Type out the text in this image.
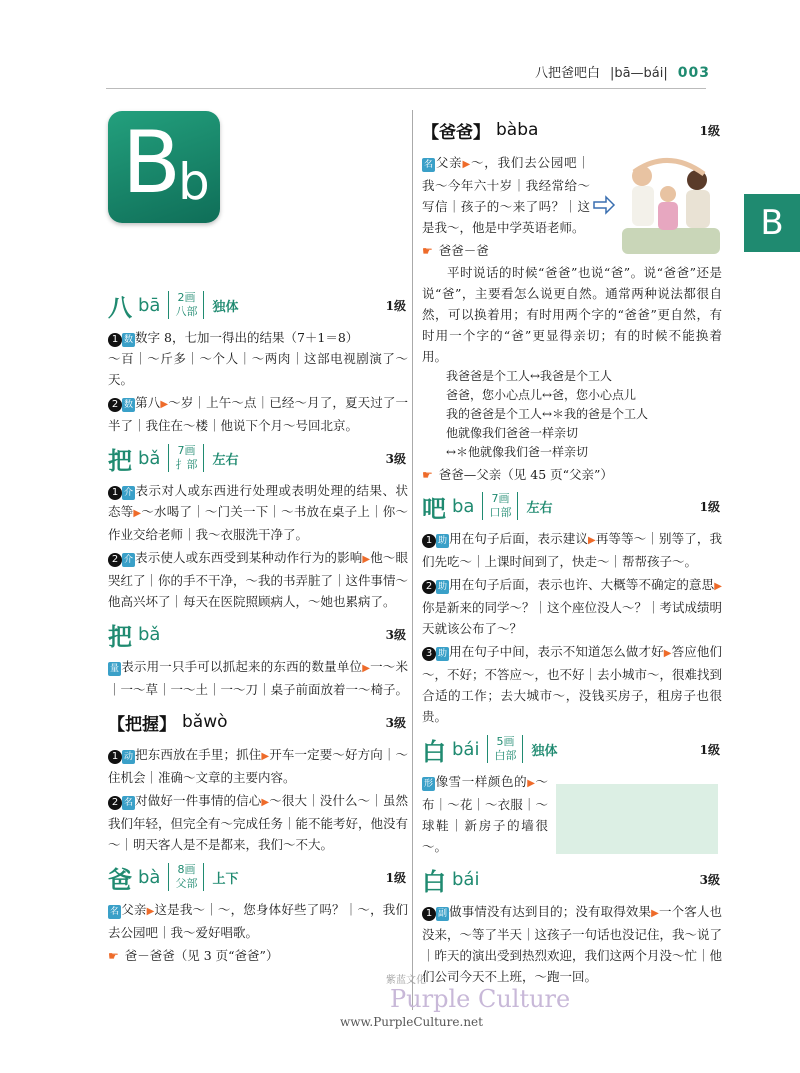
八把爸吧白 |bā—bái| 003
B
b
B
八 bā	2画
八部	独体	1级

1 数 数字 8，七加一得出的结果（7＋1＝8）
～百｜～斤多｜～个人｜～两肉｜这部电视剧演了～天。

2 数 第八▶～岁｜上午～点｜已经～月了，夏天过了一半了｜我住在～楼｜他说下个月～号回北京。

把 bǎ	7画
扌部	左右	3级

1 介 表示对人或东西进行处理或表明处理的结果、状态等▶～水喝了｜～门关一下｜～书放在桌子上｜你～作业交给老师｜我～衣服洗干净了。

2 介 表示使人或东西受到某种动作行为的影响▶他～眼哭红了｜你的手不干净，～我的书弄脏了｜这件事情～他高兴坏了｜每天在医院照顾病人，～她也累病了。

把 bǎ	3级

量 表示用一只手可以抓起来的东西的数量单位▶一～米｜一～草｜一～土｜一～刀｜桌子前面放着一～椅子。

【把握】 bǎwò	3级

1 动 把东西放在手里；抓住▶开车一定要～好方向｜～住机会｜准确～文章的主要内容。

2 名 对做好一件事情的信心▶～很大｜没什么～｜虽然我们年轻，但完全有～完成任务｜能不能考好，他没有～｜明天客人是不是都来，我们～不大。

爸 bà	8画
父部	上下	1级

名 父亲▶这是我～｜～，您身体好些了吗？｜～，我们去公园吧｜我～爱好唱歌。

☛ 爸－爸爸（见 3 页“爸爸”）

【爸爸】 bàba	1级

名 父亲▶～，我们去公园吧｜我～今年六十岁｜我经常给～写信｜孩子的～来了吗？｜这是我～，他是中学英语老师。

☛ 爸爸－爸

平时说话的时候“爸爸”也说“爸”。说“爸爸”还是说“爸”，主要看怎么说更自然。通常两种说法都很自然，可以换着用；有时用两个字的“爸爸”更自然，有时用一个字的“爸”更显得亲切；有的时候不能换着用。

我爸爸是个工人↔我爸是个工人

爸爸，您小心点儿↔爸，您小心点儿

我的爸爸是个工人↔＊我的爸是个工人

他就像我们爸爸一样亲切

↔＊他就像我们爸一样亲切

☛ 爸爸—父亲（见 45 页“父亲”）

吧 ba	7画
口部	左右	1级

1 助 用在句子后面，表示建议▶再等等～｜别等了，我们先吃～｜上课时间到了，快走～｜帮帮孩子～。

2 助 用在句子后面，表示也许、大概等不确定的意思▶你是新来的同学～？｜这个座位没人～？｜考试成绩明天就该公布了～？

3 助 用在句子中间，表示不知道怎么做才好▶答应他们～，不好；不答应～，也不好｜去小城市～，很难找到合适的工作；去大城市～，没钱买房子，租房子也很贵。

白 bái	5画
白部	独体	1级

形 像雪一样颜色的▶～布｜～花｜～衣服｜～球鞋｜新房子的墙很～。

白 bái	3级

1 副 做事情没有达到目的；没有取得效果▶一个客人也没来，～等了半天｜这孩子一句话也没记住，我～说了｜昨天的演出受到热烈欢迎，我们这两个月没～忙｜他们公司今天不上班，～跑一回。

紫蓝文化
Purple Culture
www.PurpleCulture.net
